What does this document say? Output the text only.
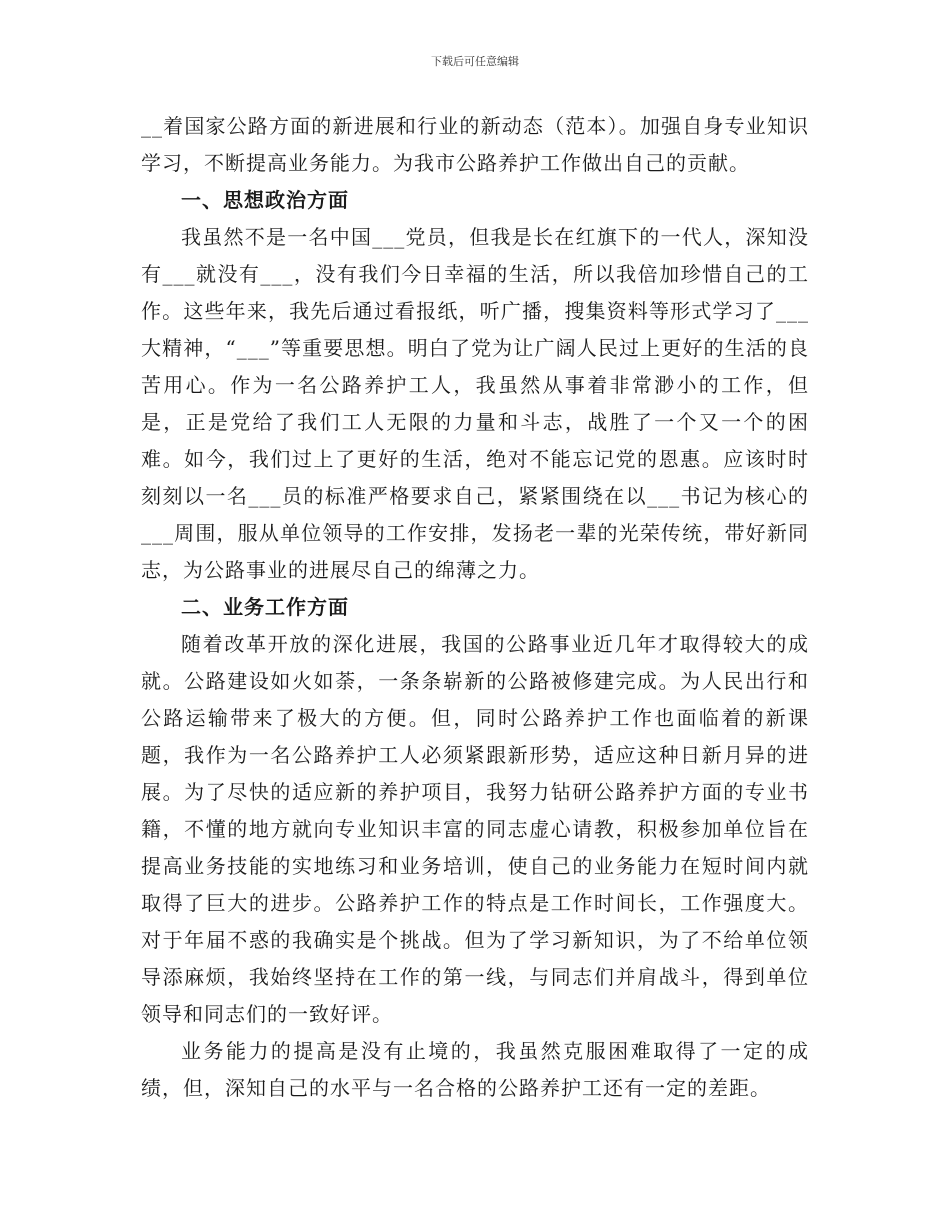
下载后可任意编辑

__着国家公路方面的新进展和行业的新动态（范本）。加强自身专业知识学习，不断提高业务能力。为我市公路养护工作做出自己的贡献。

一、思想政治方面

我虽然不是一名中国___党员，但我是长在红旗下的一代人，深知没有___就没有___，没有我们今日幸福的生活，所以我倍加珍惜自己的工作。这些年来，我先后通过看报纸，听广播，搜集资料等形式学习了___大精神，“___”等重要思想。明白了党为让广阔人民过上更好的生活的良苦用心。作为一名公路养护工人，我虽然从事着非常渺小的工作，但是，正是党给了我们工人无限的力量和斗志，战胜了一个又一个的困难。如今，我们过上了更好的生活，绝对不能忘记党的恩惠。应该时时刻刻以一名___员的标准严格要求自己，紧紧围绕在以___书记为核心的___周围，服从单位领导的工作安排，发扬老一辈的光荣传统，带好新同志，为公路事业的进展尽自己的绵薄之力。

二、业务工作方面

随着改革开放的深化进展，我国的公路事业近几年才取得较大的成就。公路建设如火如荼，一条条崭新的公路被修建完成。为人民出行和公路运输带来了极大的方便。但，同时公路养护工作也面临着的新课题，我作为一名公路养护工人必须紧跟新形势，适应这种日新月异的进展。为了尽快的适应新的养护项目，我努力钻研公路养护方面的专业书籍，不懂的地方就向专业知识丰富的同志虚心请教，积极参加单位旨在提高业务技能的实地练习和业务培训，使自己的业务能力在短时间内就取得了巨大的进步。公路养护工作的特点是工作时间长，工作强度大。对于年届不惑的我确实是个挑战。但为了学习新知识，为了不给单位领导添麻烦，我始终坚持在工作的第一线，与同志们并肩战斗，得到单位领导和同志们的一致好评。

业务能力的提高是没有止境的，我虽然克服困难取得了一定的成绩，但，深知自己的水平与一名合格的公路养护工还有一定的差距。
